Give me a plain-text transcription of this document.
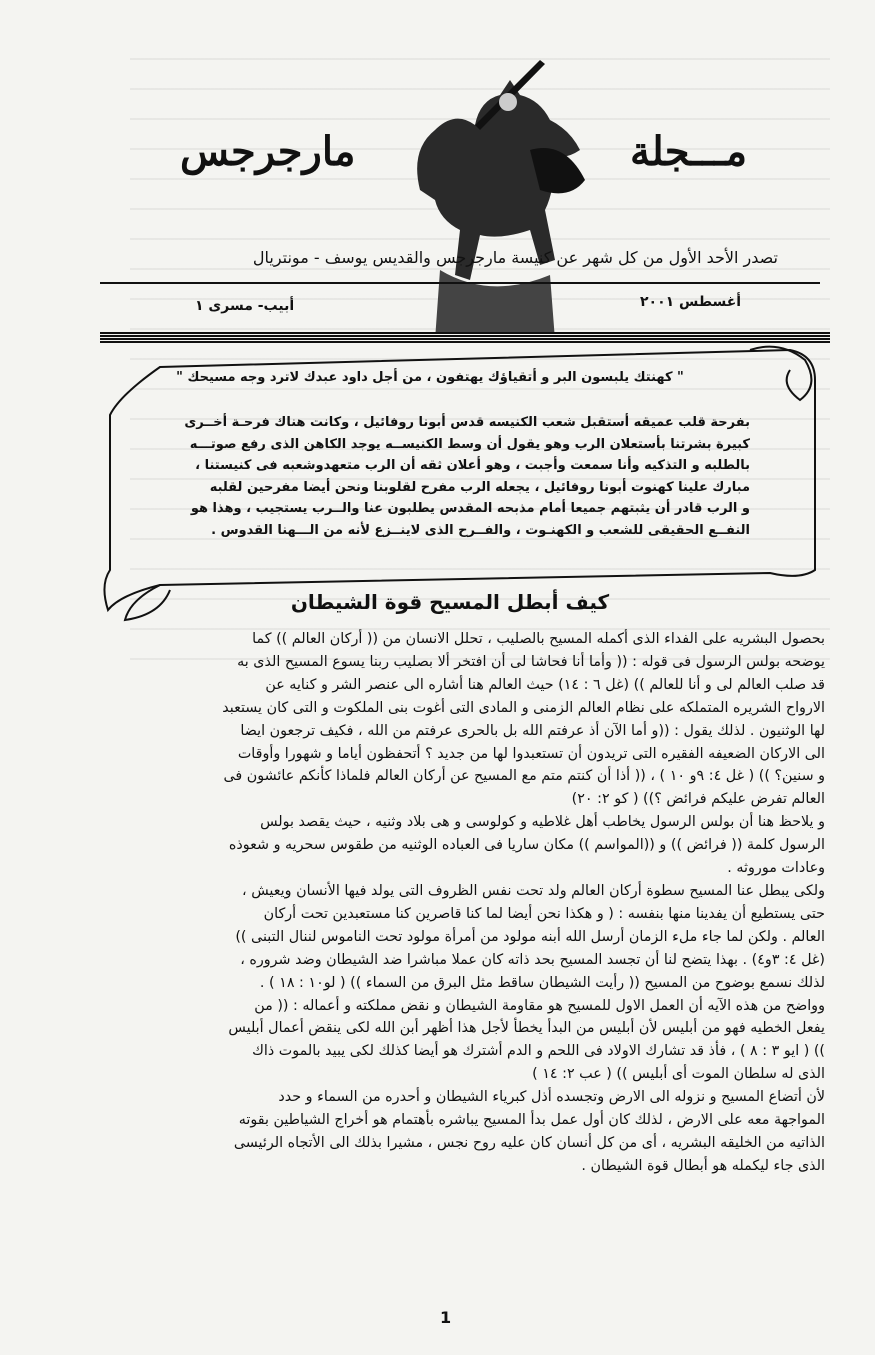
مـــجلة
مارجرجس
تصدر الأحد الأول من كل شهر عن كنيسة مارجرجس والقديس يوسف - مونتريال
أغسطس ٢٠٠١
أبيب- مسرى ١
" كهنتك يلبسون البر و أتقياؤك يهتفون ، من أجل داود عبدك لاترد وجه مسيحك "

بفرحة قلب عميقه أستقبل شعب الكنيسه قدس أبونا روفائيل ، وكانت هناك فرحـة أخــرى

كبيرة بشرتنا بأستعلان الرب وهو يقول أن وسط الكنيســه يوجد الكاهن الذى رفع صوتـــه

بالطلبه و التذكيه وأنا سمعت وأجبت ، وهو أعلان ثقه أن الرب متعهدوشعبه فى كنيستنا ،

مبارك علينا كهنوت أبونا روفائيل ، يجعله الرب مفرح لقلوبنا ونحن أيضا مفرحين لقلبه

و الرب قادر أن يثبتهم جميعا أمام مذبحه المقدس يطلبون عنا والــرب يستجيب ، وهذا هو

النفــع الحقيقى للشعب و الكهنـوت ، والفــرح الذى لاينــزع لأنه من الـــهنا القدوس .

كيف أبطل المسيح قوة الشيطان

بحصول البشريه على الفداء الذى أكمله المسيح بالصليب ، تحلل الانسان من (( أركان العالم )) كما

يوضحه بولس الرسول فى قوله : (( وأما أنا فحاشا لى أن افتخر ألا بصليب ربنا يسوع المسيح الذى به

قد صلب العالم لى و أنا للعالم )) (غل ٦ : ١٤) حيث العالم هنا أشاره الى عنصر الشر و كنايه عن

الارواح الشريره المتملكه على نظام العالم الزمنى و المادى التى أغوت بنى الملكوت و التى كان يستعبد

لها الوثنيون . لذلك يقول : ((و أما الآن أذ عرفتم الله بل بالحرى عرفتم من الله ، فكيف ترجعون ايضا

الى الاركان الضعيفه الفقيره التى تريدون أن تستعبدوا لها من جديد ؟ أتحفظون أياما و شهورا وأوقات

و سنين؟ )) ( غل ٤: ٩و ١٠ ) ، (( أذا أن كنتم متم مع المسيح عن أركان العالم فلماذا كأنكم عائشون فى

العالم تفرض عليكم فرائض ؟)) ( كو ٢: ٢٠)

و يلاحظ هنا أن بولس الرسول يخاطب أهل غلاطيه و كولوسى و هى بلاد وثنيه ، حيث يقصد بولس

الرسول كلمة (( فرائض )) و ((المواسم )) مكان ساريا فى العباده الوثنيه من طقوس سحريه و شعوذه

وعادات موروثه .

ولكى يبطل عنا المسيح سطوة أركان العالم ولد تحت نفس الظروف التى يولد فيها الأنسان ويعيش ،

حتى يستطيع أن يفدينا منها بنفسه : ( و هكذا نحن أيضا لما كنا قاصرين كنا مستعبدين تحت أركان

العالم . ولكن لما جاء ملء الزمان أرسل الله أبنه مولود من أمرأة مولود تحت الناموس لننال التبنى ))

(غل ٤: ٣و٤) . بهذا يتضح لنا أن تجسد المسيح بحد ذاته كان عملا مباشرا ضد الشيطان وضد شروره ،

لذلك نسمع بوضوح من المسيح (( رأيت الشيطان ساقط مثل البرق من السماء )) ( لو١٠ : ١٨ ) .

وواضح من هذه الآيه أن العمل الاول للمسيح هو مقاومة الشيطان و نقض مملكته و أعماله : (( من

يفعل الخطيه فهو من أبليس لأن أبليس من البدأ يخطأ لأجل هذا أظهر أبن الله لكى ينقض أعمال أبليس

)) ( ايو ٣ : ٨ ) ، فأذ قد تشارك الاولاد فى اللحم و الدم أشترك هو أيضا كذلك لكى يبيد بالموت ذاك

الذى له سلطان الموت أى أبليس )) ( عب ٢: ١٤ )

لأن أتضاع المسيح و نزوله الى الارض وتجسده أذل كبرياء الشيطان و أحدره من السماء و حدد

المواجهة معه على الارض ، لذلك كان أول عمل بدأ المسيح يباشره بأهتمام هو أخراج الشياطين بقوته

الذاتيه من الخليقه البشريه ، أى من كل أنسان كان عليه روح نجس ، مشيرا بذلك الى الأتجاه الرئيسى

الذى جاء ليكمله هو أبطال قوة الشيطان .

1
